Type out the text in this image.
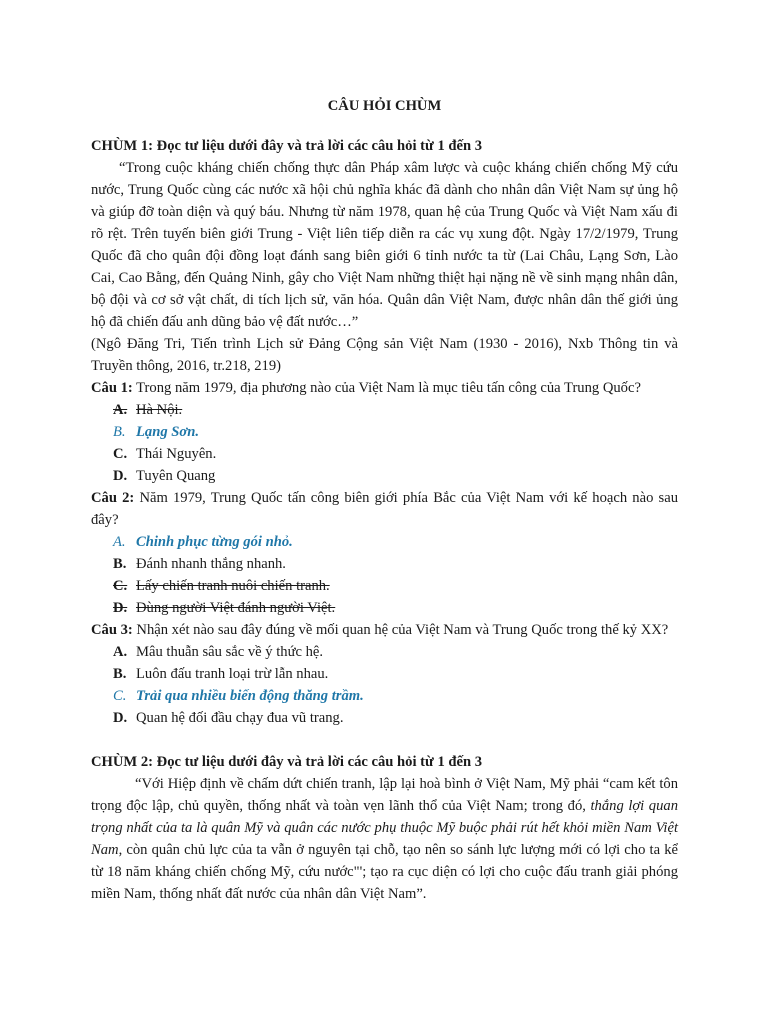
CÂU HỎI CHÙM

CHÙM 1: Đọc tư liệu dưới đây và trả lời các câu hỏi từ 1 đến 3

“Trong cuộc kháng chiến chống thực dân Pháp xâm lược và cuộc kháng chiến chống Mỹ cứu nước, Trung Quốc cùng các nước xã hội chủ nghĩa khác đã dành cho nhân dân Việt Nam sự ủng hộ và giúp đỡ toàn diện và quý báu. Nhưng từ năm 1978, quan hệ của Trung Quốc và Việt Nam xấu đi rõ rệt. Trên tuyến biên giới Trung - Việt liên tiếp diễn ra các vụ xung đột. Ngày 17/2/1979, Trung Quốc đã cho quân đội đồng loạt đánh sang biên giới 6 tỉnh nước ta từ (Lai Châu, Lạng Sơn, Lào Cai, Cao Bằng, đến Quảng Ninh, gây cho Việt Nam những thiệt hại nặng nề về sinh mạng nhân dân, bộ đội và cơ sở vật chất, di tích lịch sử, văn hóa. Quân dân Việt Nam, được nhân dân thế giới ủng hộ đã chiến đấu anh dũng bảo vệ đất nước…”

(Ngô Đăng Tri, Tiến trình Lịch sử Đảng Cộng sản Việt Nam (1930 - 2016), Nxb Thông tin và Truyền thông, 2016, tr.218, 219)

Câu 1: Trong năm 1979, địa phương nào của Việt Nam là mục tiêu tấn công của Trung Quốc?

A. Hà Nội.

B. Lạng Sơn.

C. Thái Nguyên.

D. Tuyên Quang

Câu 2: Năm 1979, Trung Quốc tấn công biên giới phía Bắc của Việt Nam với kế hoạch nào sau đây?

A. Chinh phục từng gói nhỏ.

B. Đánh nhanh thắng nhanh.

C. Lấy chiến tranh nuôi chiến tranh.

D. Dùng người Việt đánh người Việt.

Câu 3: Nhận xét nào sau đây đúng về mối quan hệ của Việt Nam và Trung Quốc trong thế kỷ XX?

A. Mâu thuẫn sâu sắc về ý thức hệ.

B. Luôn đấu tranh loại trừ lẫn nhau.

C. Trải qua nhiều biến động thăng trầm.

D. Quan hệ đối đầu chạy đua vũ trang.

CHÙM 2: Đọc tư liệu dưới đây và trả lời các câu hỏi từ 1 đến 3

“Với Hiệp định về chấm dứt chiến tranh, lập lại hoà bình ở Việt Nam, Mỹ phải “cam kết tôn trọng độc lập, chủ quyền, thống nhất và toàn vẹn lãnh thổ của Việt Nam; trong đó, thắng lợi quan trọng nhất của ta là quân Mỹ và quân các nước phụ thuộc Mỹ buộc phải rút hết khỏi miền Nam Việt Nam, còn quân chủ lực của ta vẫn ở nguyên tại chỗ, tạo nên so sánh lực lượng mới có lợi cho ta kể từ 18 năm kháng chiến chống Mỹ, cứu nước"'; tạo ra cục diện có lợi cho cuộc đấu tranh giải phóng miền Nam, thống nhất đất nước của nhân dân Việt Nam”.
